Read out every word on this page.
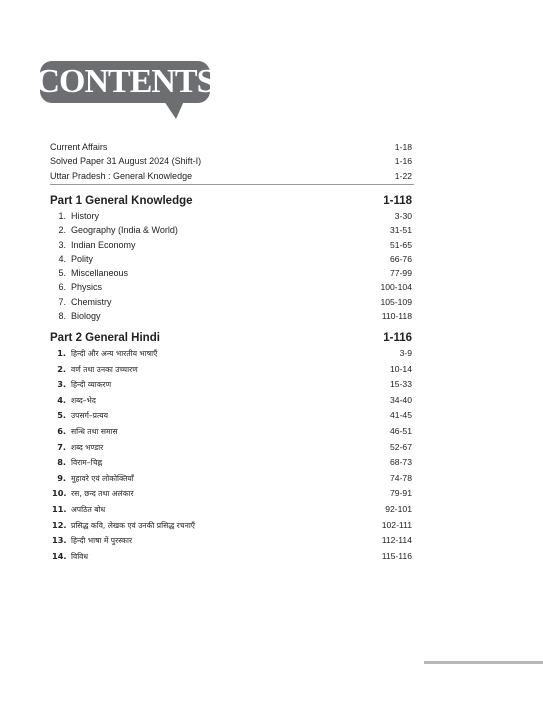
CONTENTS
Current Affairs	1-18
Solved Paper 31 August 2024 (Shift-I)	1-16
Uttar Pradesh : General Knowledge	1-22
Part 1 General Knowledge	1-118
1. History	3-30
2. Geography (India & World)	31-51
3. Indian Economy	51-65
4. Polity	66-76
5. Miscellaneous	77-99
6. Physics	100-104
7. Chemistry	105-109
8. Biology	110-118
Part 2 General Hindi	1-116
1. हिन्दी और अन्य भारतीय भाषाएँ	3-9
2. वर्ण तथा उनका उच्चारण	10-14
3. हिन्दी व्याकरण	15-33
4. शब्द–भेद	34-40
5. उपसर्ग–प्रत्यय	41-45
6. सन्धि तथा समास	46-51
7. शब्द भण्डार	52-67
8. विराम–चिह्न	68-73
9. मुहावरे एवं लोकोक्तियाँ	74-78
10. रस, छन्द तथा अलंकार	79-91
11. अपठित बोध	92-101
12. प्रसिद्ध कवि, लेखक एवं उनकी प्रसिद्ध रचनाएँ	102-111
13. हिन्दी भाषा में पुरस्कार	112-114
14. विविध	115-116
